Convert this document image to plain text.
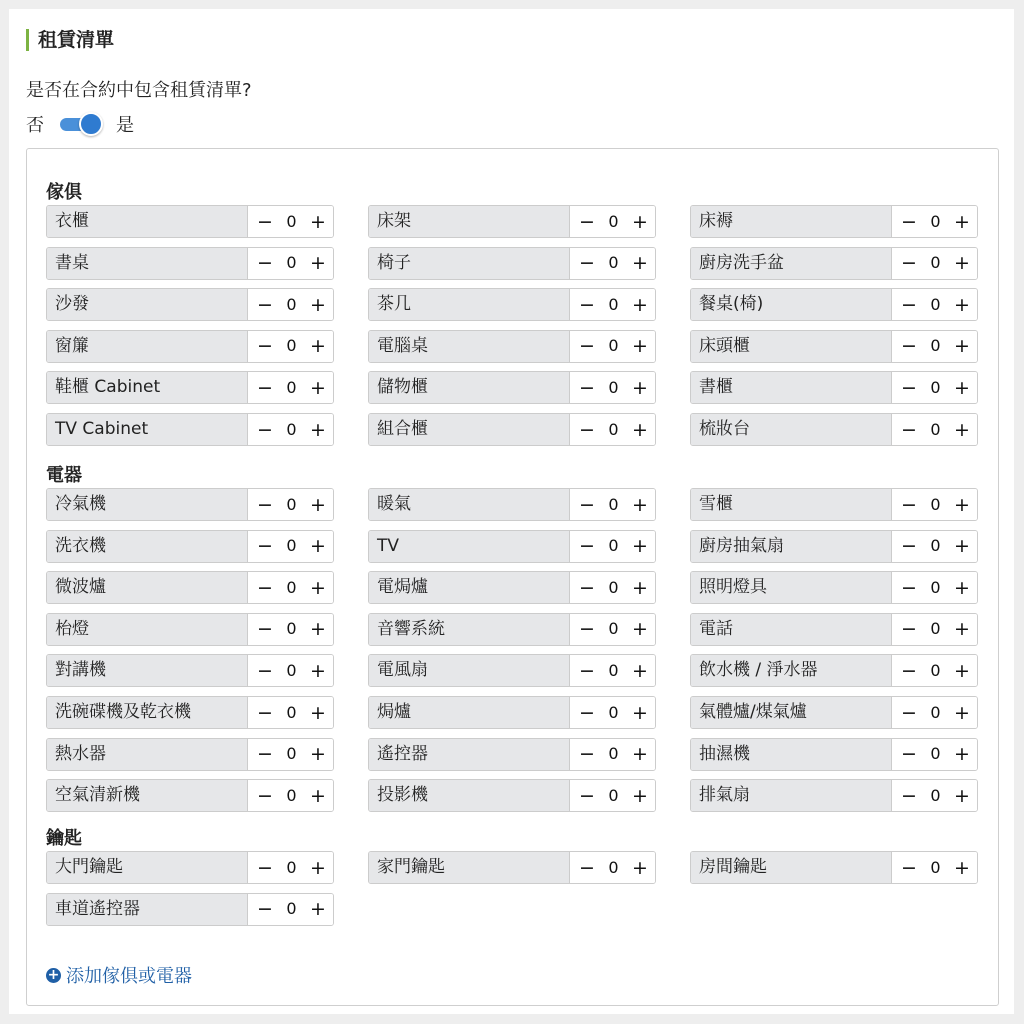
租賃清單
是否在合約中包含租賃清單?
否	是
傢俱
電器
鑰匙
衣櫃	− 0 +	床架	− 0 +	床褥	− 0 +
書桌	− 0 +	椅子	− 0 +	廚房洗手盆	− 0 +
沙發	− 0 +	茶几	− 0 +	餐桌(椅)	− 0 +
窗簾	− 0 +	電腦桌	− 0 +	床頭櫃	− 0 +
鞋櫃 Cabinet	− 0 +	儲物櫃	− 0 +	書櫃	− 0 +
TV Cabinet	− 0 +	組合櫃	− 0 +	梳妝台	− 0 +
冷氣機	− 0 +	暖氣	− 0 +	雪櫃	− 0 +
洗衣機	− 0 +	TV	− 0 +	廚房抽氣扇	− 0 +
微波爐	− 0 +	電焗爐	− 0 +	照明燈具	− 0 +
枱燈	− 0 +	音響系統	− 0 +	電話	− 0 +
對講機	− 0 +	電風扇	− 0 +	飲水機 / 淨水器	− 0 +
洗碗碟機及乾衣機	− 0 +	焗爐	− 0 +	氣體爐/煤氣爐	− 0 +
熱水器	− 0 +	遙控器	− 0 +	抽濕機	− 0 +
空氣清新機	− 0 +	投影機	− 0 +	排氣扇	− 0 +
大門鑰匙	− 0 +	家門鑰匙	− 0 +	房間鑰匙	− 0 +
車道遙控器	− 0 +
+ 添加傢俱或電器
